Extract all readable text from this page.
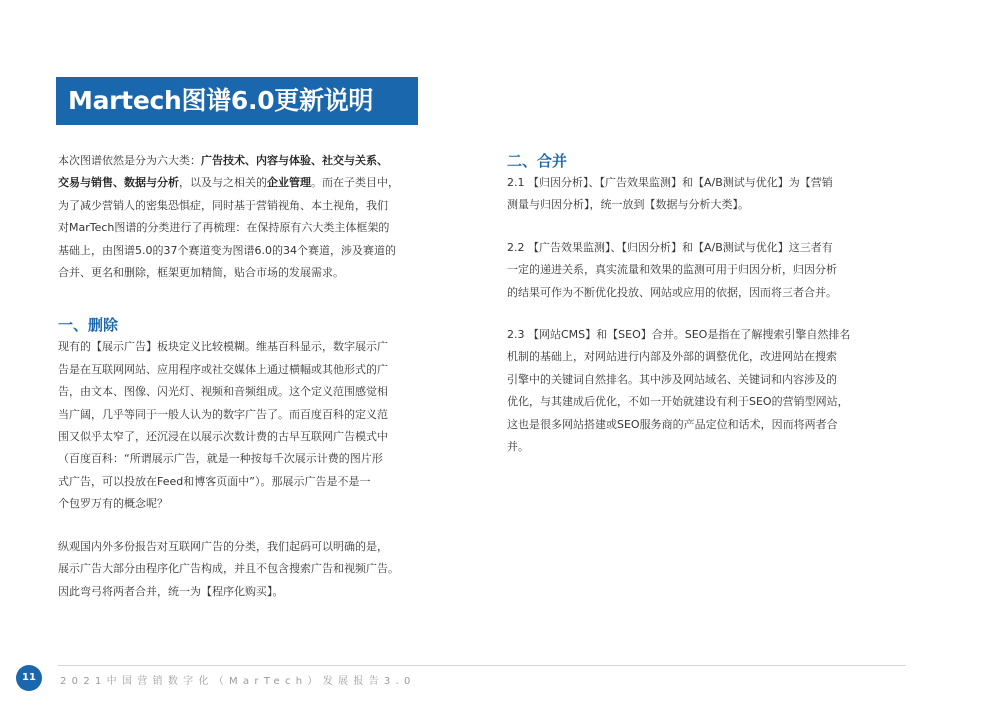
Martech图谱6.0更新说明

本次图谱依然是分为六大类：广告技术、内容与体验、社交与关系、
交易与销售、数据与分析，以及与之相关的企业管理。而在子类目中，
为了减少营销人的密集恐惧症，同时基于营销视角、本土视角，我们
对MarTech图谱的分类进行了再梳理：在保持原有六大类主体框架的
基础上，由图谱5.0的37个赛道变为图谱6.0的34个赛道，涉及赛道的
合并、更名和删除，框架更加精简，贴合市场的发展需求。

一、删除

现有的【展示广告】板块定义比较模糊。维基百科显示，数字展示广
告是在互联网网站、应用程序或社交媒体上通过横幅或其他形式的广
告，由文本、图像、闪光灯、视频和音频组成。这个定义范围感觉相
当广阔，几乎等同于一般人认为的数字广告了。而百度百科的定义范
围又似乎太窄了，还沉浸在以展示次数计费的古早互联网广告模式中
（百度百科：“所谓展示广告，就是一种按每千次展示计费的图片形
式广告，可以投放在Feed和博客页面中”）。那展示广告是不是一
个包罗万有的概念呢？

纵观国内外多份报告对互联网广告的分类，我们起码可以明确的是，
展示广告大部分由程序化广告构成，并且不包含搜索广告和视频广告。
因此弯弓将两者合并，统一为【程序化购买】。

二、合并

2.1 【归因分析】、【广告效果监测】和【A/B测试与优化】为【营销
测量与归因分析】，统一放到【数据与分析大类】。

2.2 【广告效果监测】、【归因分析】和【A/B测试与优化】这三者有
一定的递进关系，真实流量和效果的监测可用于归因分析，归因分析
的结果可作为不断优化投放、网站或应用的依据，因而将三者合并。

2.3 【网站CMS】和【SEO】合并。SEO是指在了解搜索引擎自然排名
机制的基础上，对网站进行内部及外部的调整优化，改进网站在搜索
引擎中的关键词自然排名。其中涉及网站域名、关键词和内容涉及的
优化，与其建成后优化，不如一开始就建设有利于SEO的营销型网站，
这也是很多网站搭建或SEO服务商的产品定位和话术，因而将两者合
并。

11	2021中国营销数字化（MarTech）发展报告3.0
